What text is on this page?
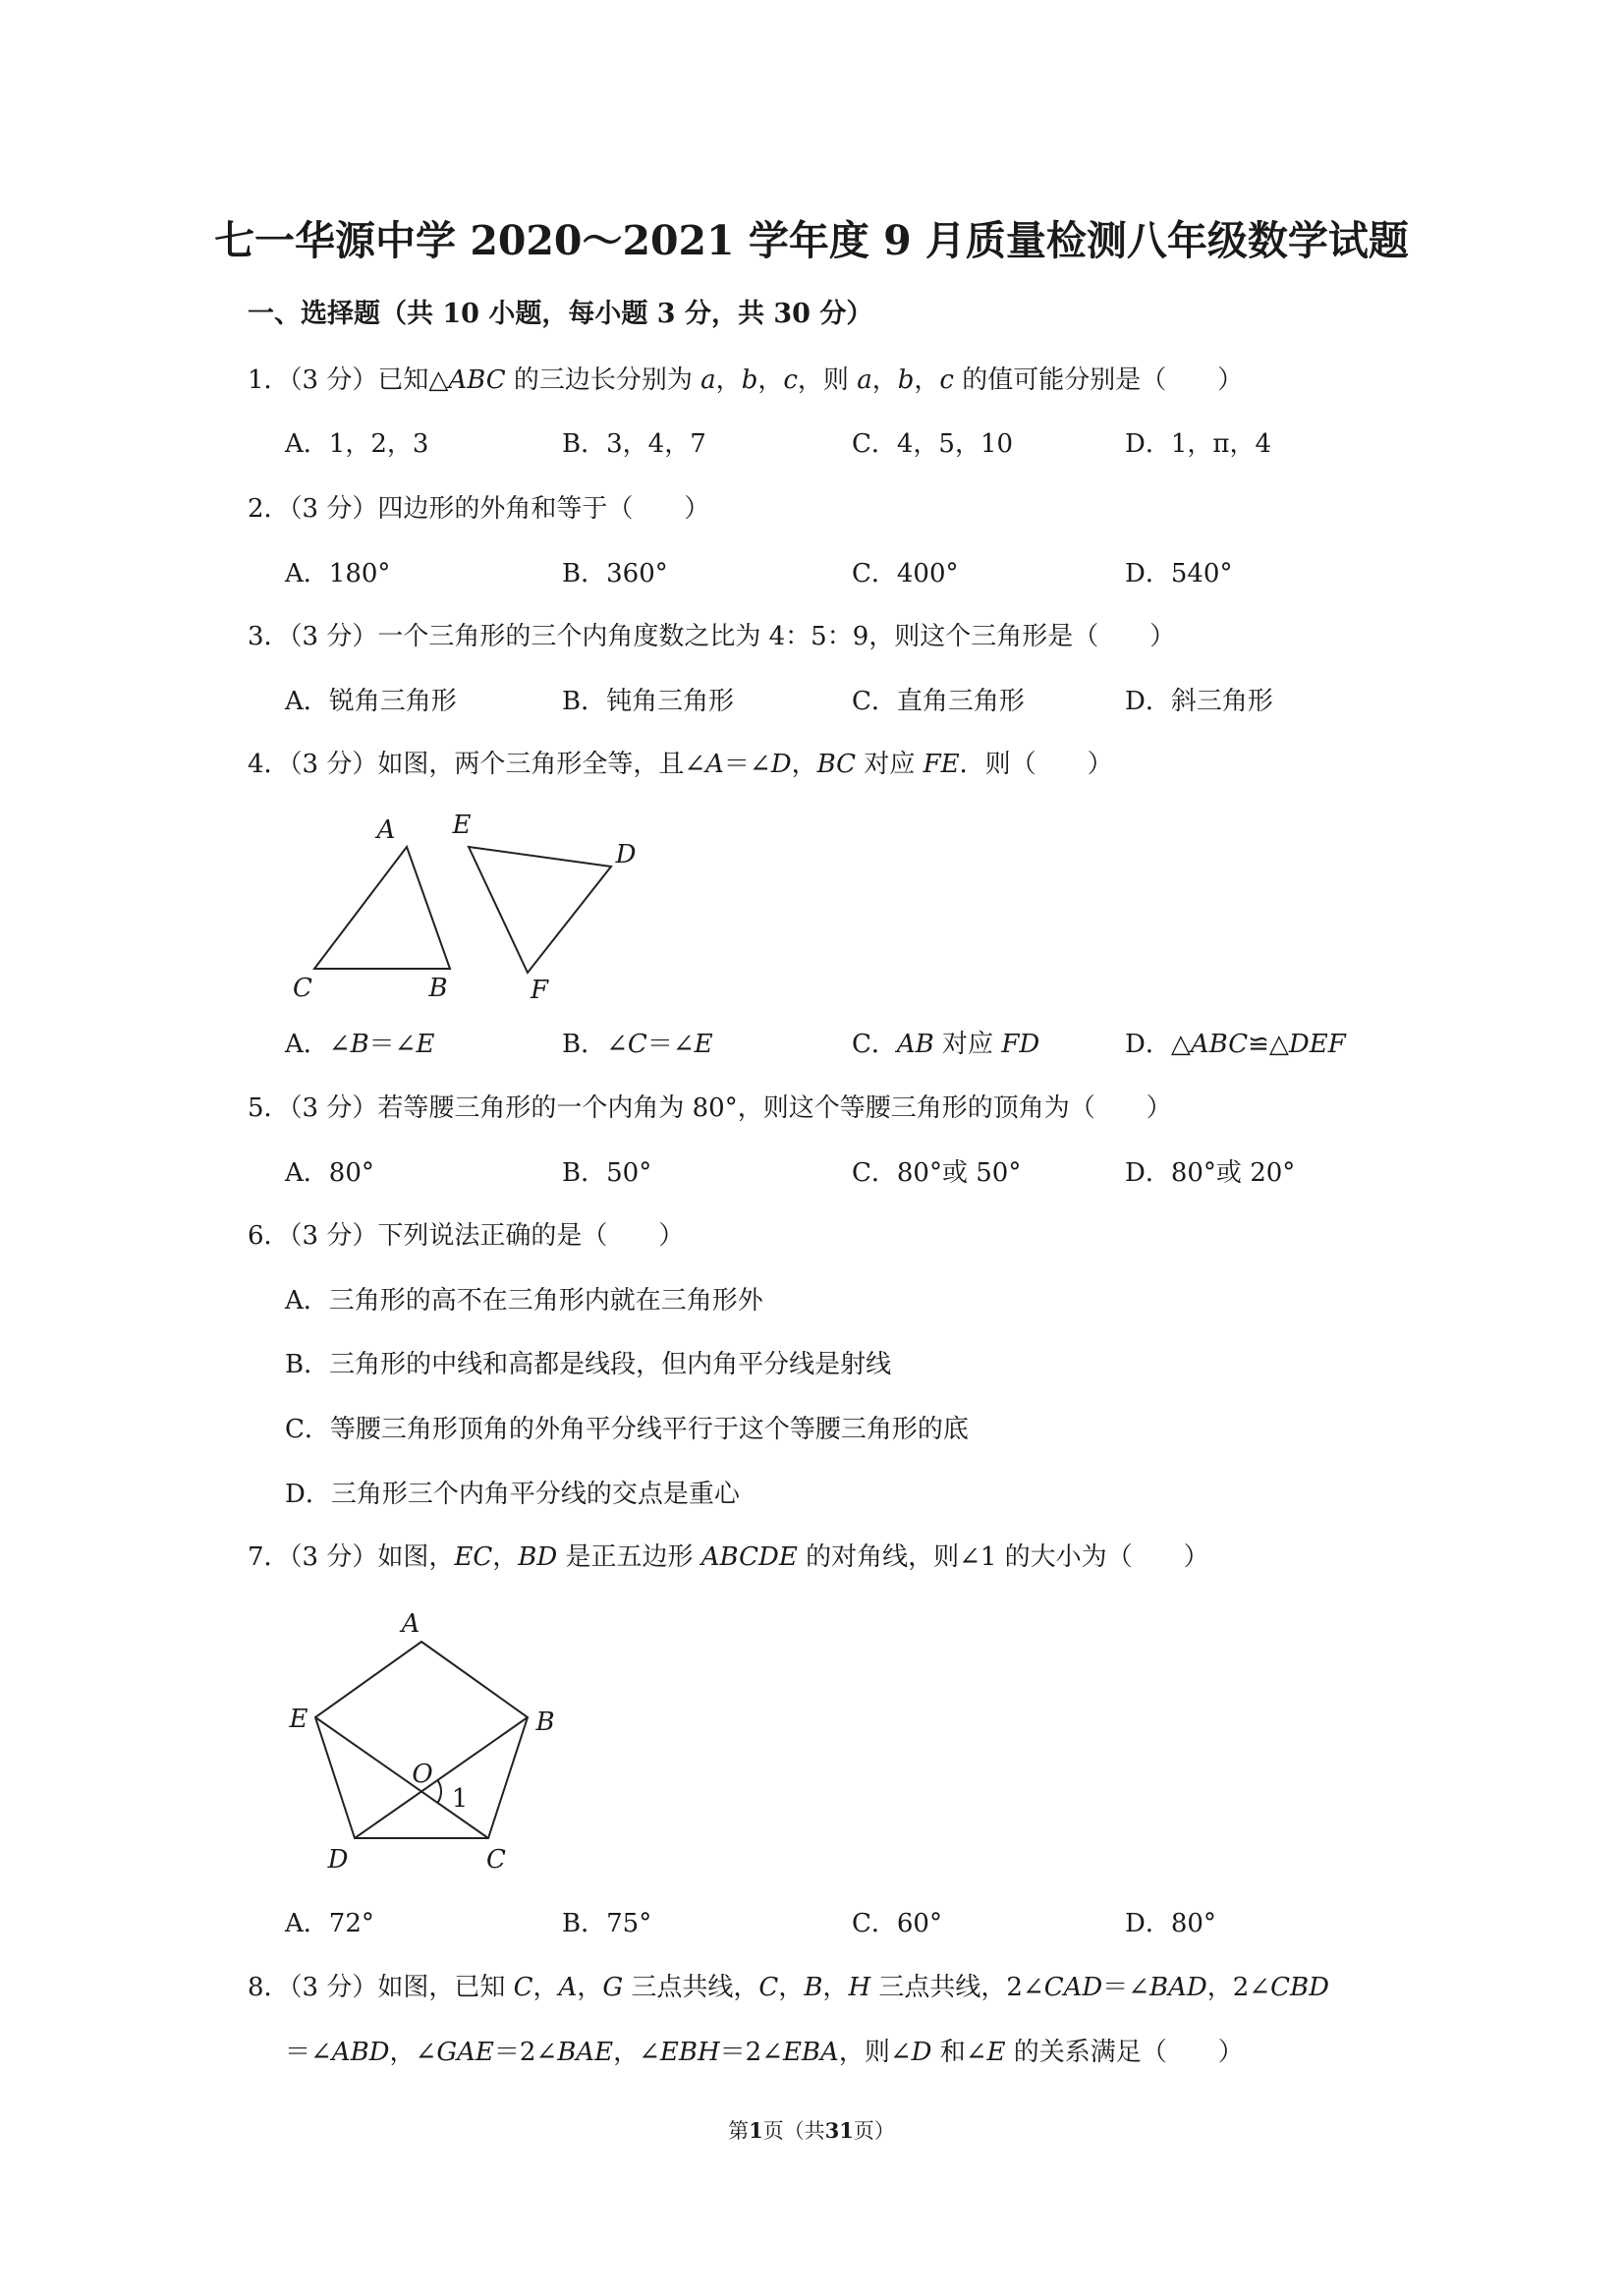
七一华源中学 2020～2021 学年度 9 月质量检测八年级数学试题
一、选择题（共 10 小题，每小题 3 分，共 30 分）
1．（3 分）已知△ABC 的三边长分别为 a，b，c，则 a，b，c 的值可能分别是（　　）
A．1，2，3	B．3，4，7	C．4，5，10	D．1，π，4
2．（3 分）四边形的外角和等于（　　）
A．180°	B．360°	C．400°	D．540°
3．（3 分）一个三角形的三个内角度数之比为 4：5：9，则这个三角形是（　　）
A．锐角三角形	B．钝角三角形	C．直角三角形	D．斜三角形
4．（3 分）如图，两个三角形全等，且∠A＝∠D，BC 对应 FE．则（　　）
A
B
C
D
E
F
A．∠B＝∠E	B．∠C＝∠E	C．AB 对应 FD	D．△ABC≌△DEF
5．（3 分）若等腰三角形的一个内角为 80°，则这个等腰三角形的顶角为（　　）
A．80°	B．50°	C．80°或 50°	D．80°或 20°
6．（3 分）下列说法正确的是（　　）
A．三角形的高不在三角形内就在三角形外
B．三角形的中线和高都是线段，但内角平分线是射线
C．等腰三角形顶角的外角平分线平行于这个等腰三角形的底
D．三角形三个内角平分线的交点是重心
7．（3 分）如图，EC，BD 是正五边形 ABCDE 的对角线，则∠1 的大小为（　　）
A
B
C
D
E
O
1
A．72°	B．75°	C．60°	D．80°
8．（3 分）如图，已知 C，A，G 三点共线，C，B，H 三点共线，2∠CAD＝∠BAD，2∠CBD
＝∠ABD，∠GAE＝2∠BAE，∠EBH＝2∠EBA，则∠D 和∠E 的关系满足（　　）
第1页（共31页）
